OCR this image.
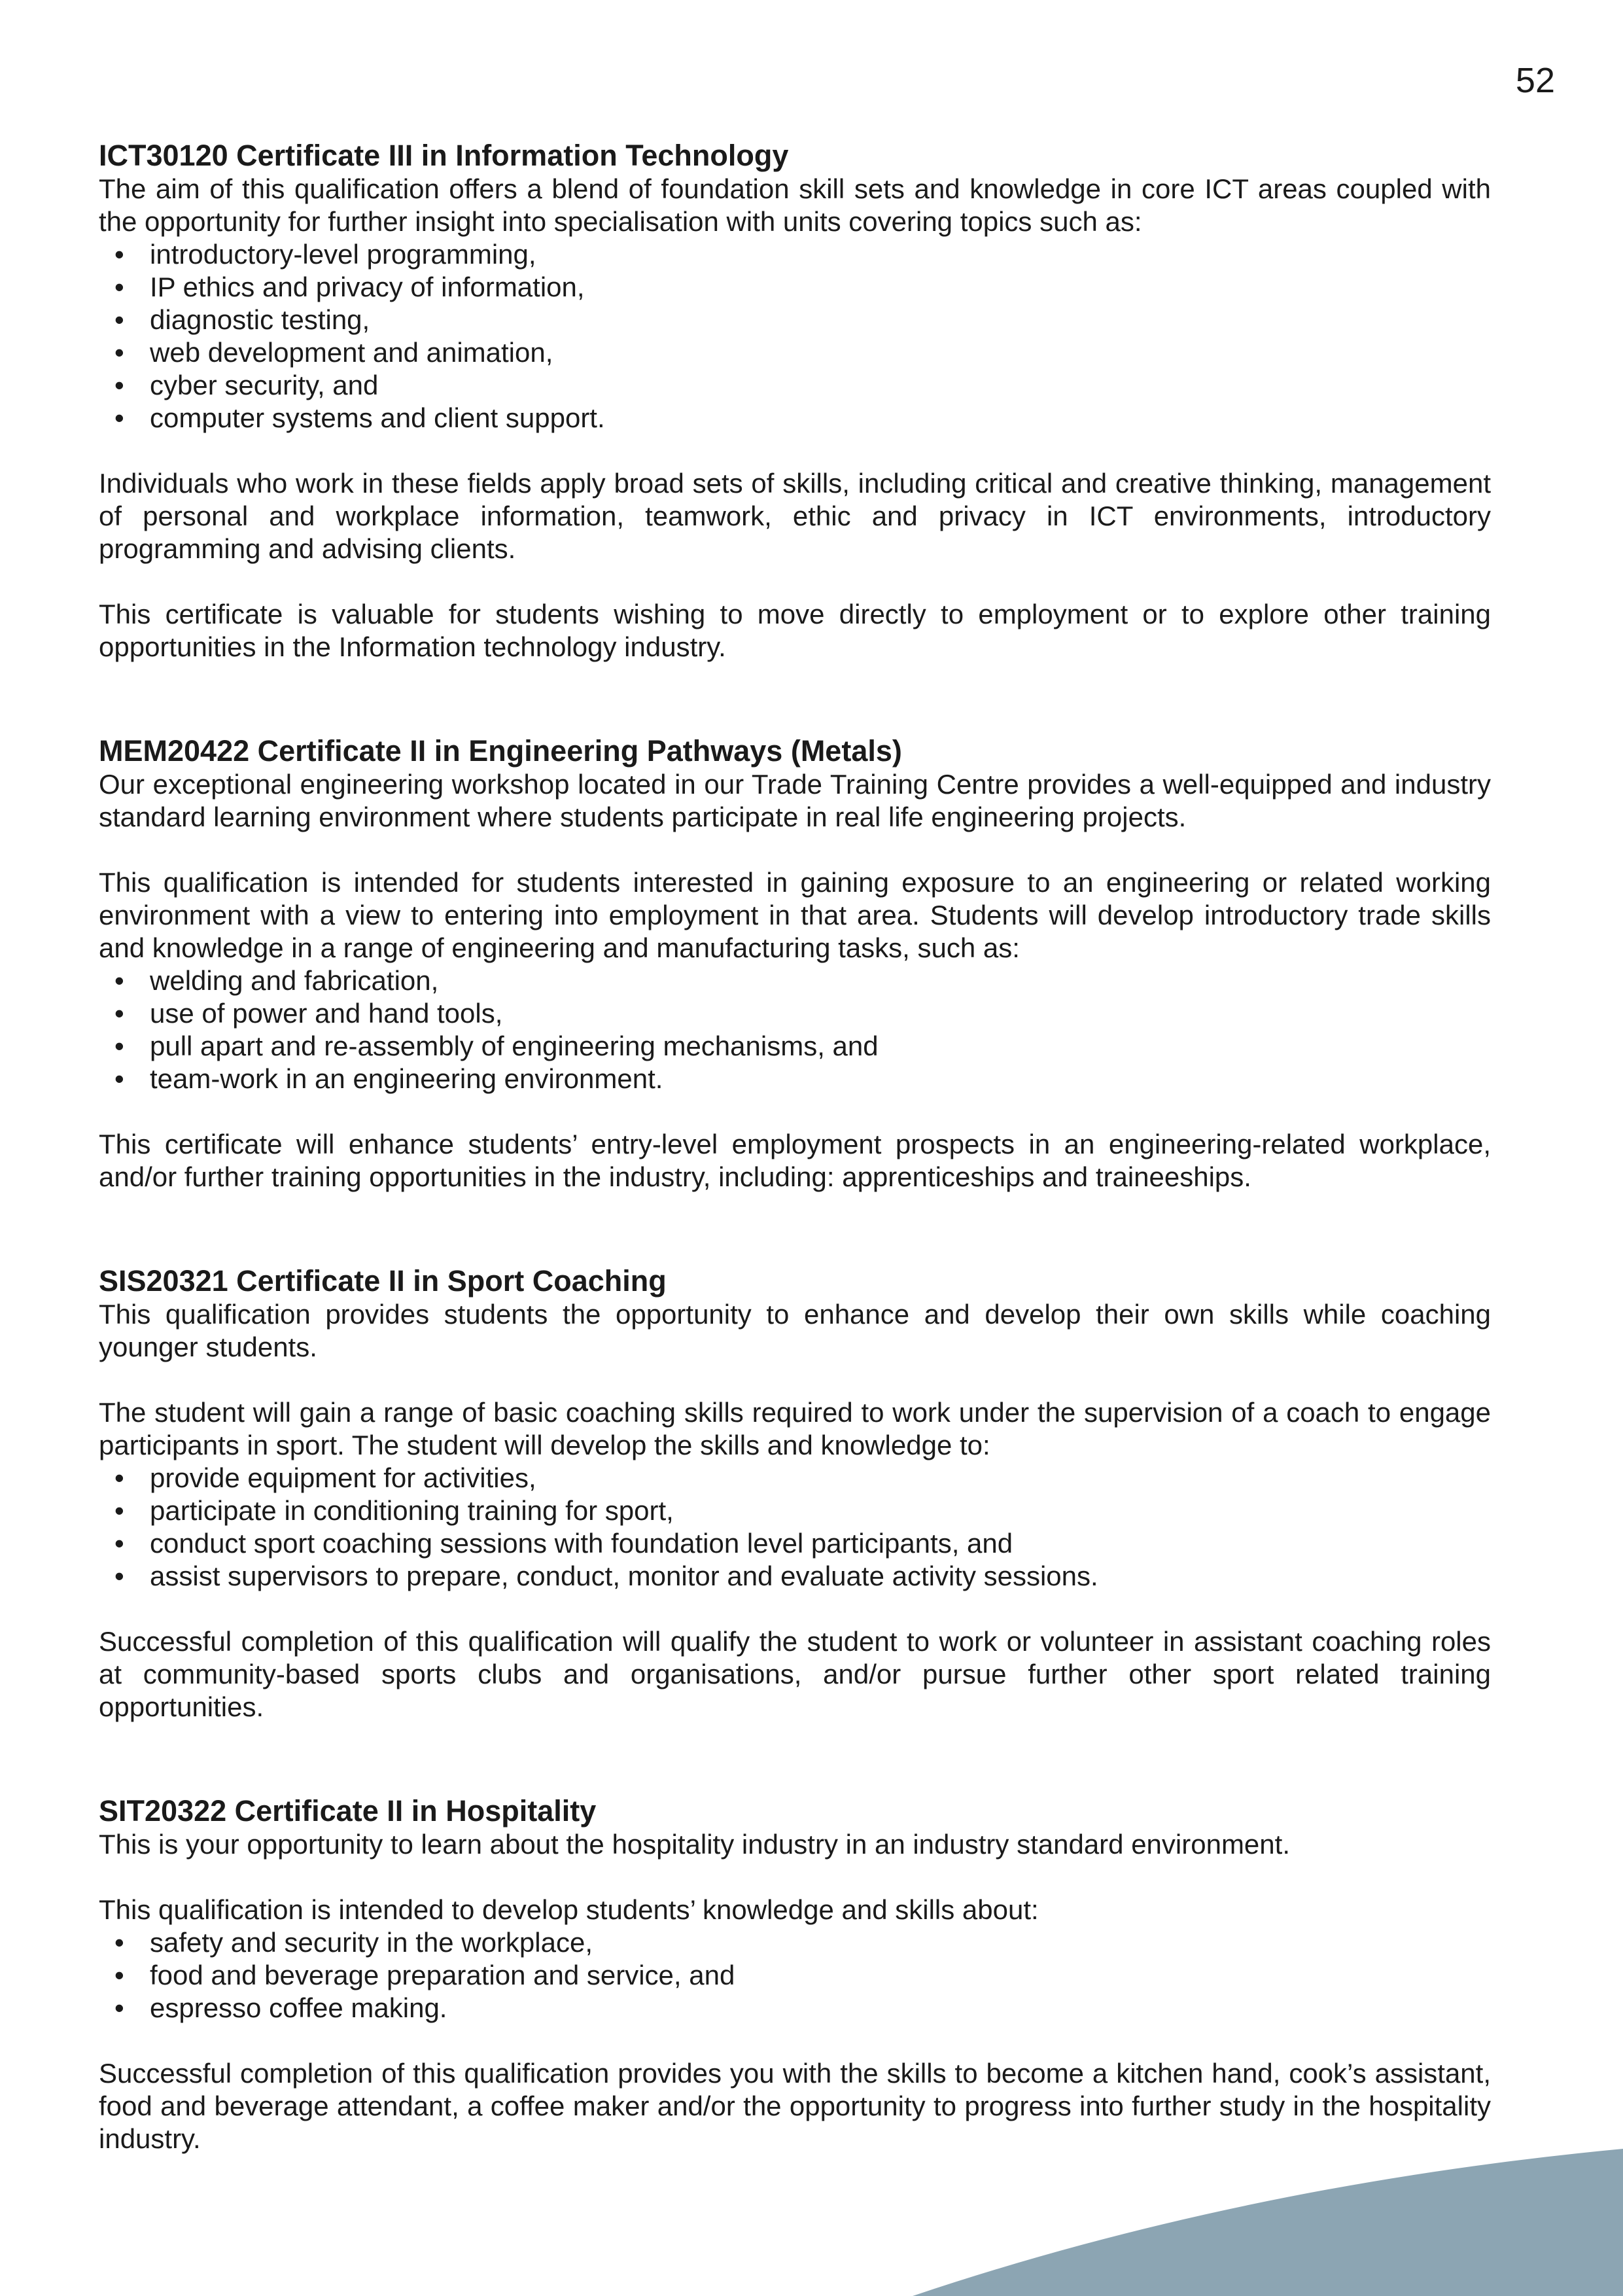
52
ICT30120 Certificate III in Information Technology

The aim of this qualification offers a blend of foundation skill sets and knowledge in core ICT areas coupled with the opportunity for further insight into specialisation with units covering topics such as:

• introductory-level programming,
• IP ethics and privacy of information,
• diagnostic testing,
• web development and animation,
• cyber security, and
• computer systems and client support.

Individuals who work in these fields apply broad sets of skills, including critical and creative thinking, management of personal and workplace information, teamwork, ethic and privacy in ICT environments, introductory programming and advising clients.

This certificate is valuable for students wishing to move directly to employment or to explore other training opportunities in the Information technology industry.

MEM20422 Certificate II in Engineering Pathways (Metals)

Our exceptional engineering workshop located in our Trade Training Centre provides a well-equipped and industry standard learning environment where students participate in real life engineering projects.

This qualification is intended for students interested in gaining exposure to an engineering or related working environment with a view to entering into employment in that area. Students will develop introductory trade skills and knowledge in a range of engineering and manufacturing tasks, such as:

• welding and fabrication,
• use of power and hand tools,
• pull apart and re-assembly of engineering mechanisms, and
• team-work in an engineering environment.

This certificate will enhance students’ entry-level employment prospects in an engineering-related workplace, and/or further training opportunities in the industry, including: apprenticeships and traineeships.

SIS20321 Certificate II in Sport Coaching

This qualification provides students the opportunity to enhance and develop their own skills while coaching younger students.

The student will gain a range of basic coaching skills required to work under the supervision of a coach to engage participants in sport. The student will develop the skills and knowledge to:

• provide equipment for activities,
• participate in conditioning training for sport,
• conduct sport coaching sessions with foundation level participants, and
• assist supervisors to prepare, conduct, monitor and evaluate activity sessions.

Successful completion of this qualification will qualify the student to work or volunteer in assistant coaching roles at community-based sports clubs and organisations, and/or pursue further other sport related training opportunities.

SIT20322 Certificate II in Hospitality

This is your opportunity to learn about the hospitality industry in an industry standard environment.

This qualification is intended to develop students’ knowledge and skills about:

• safety and security in the workplace,
• food and beverage preparation and service, and
• espresso coffee making.

Successful completion of this qualification provides you with the skills to become a kitchen hand, cook’s assistant, food and beverage attendant, a coffee maker and/or the opportunity to progress into further study in the hospitality industry.
